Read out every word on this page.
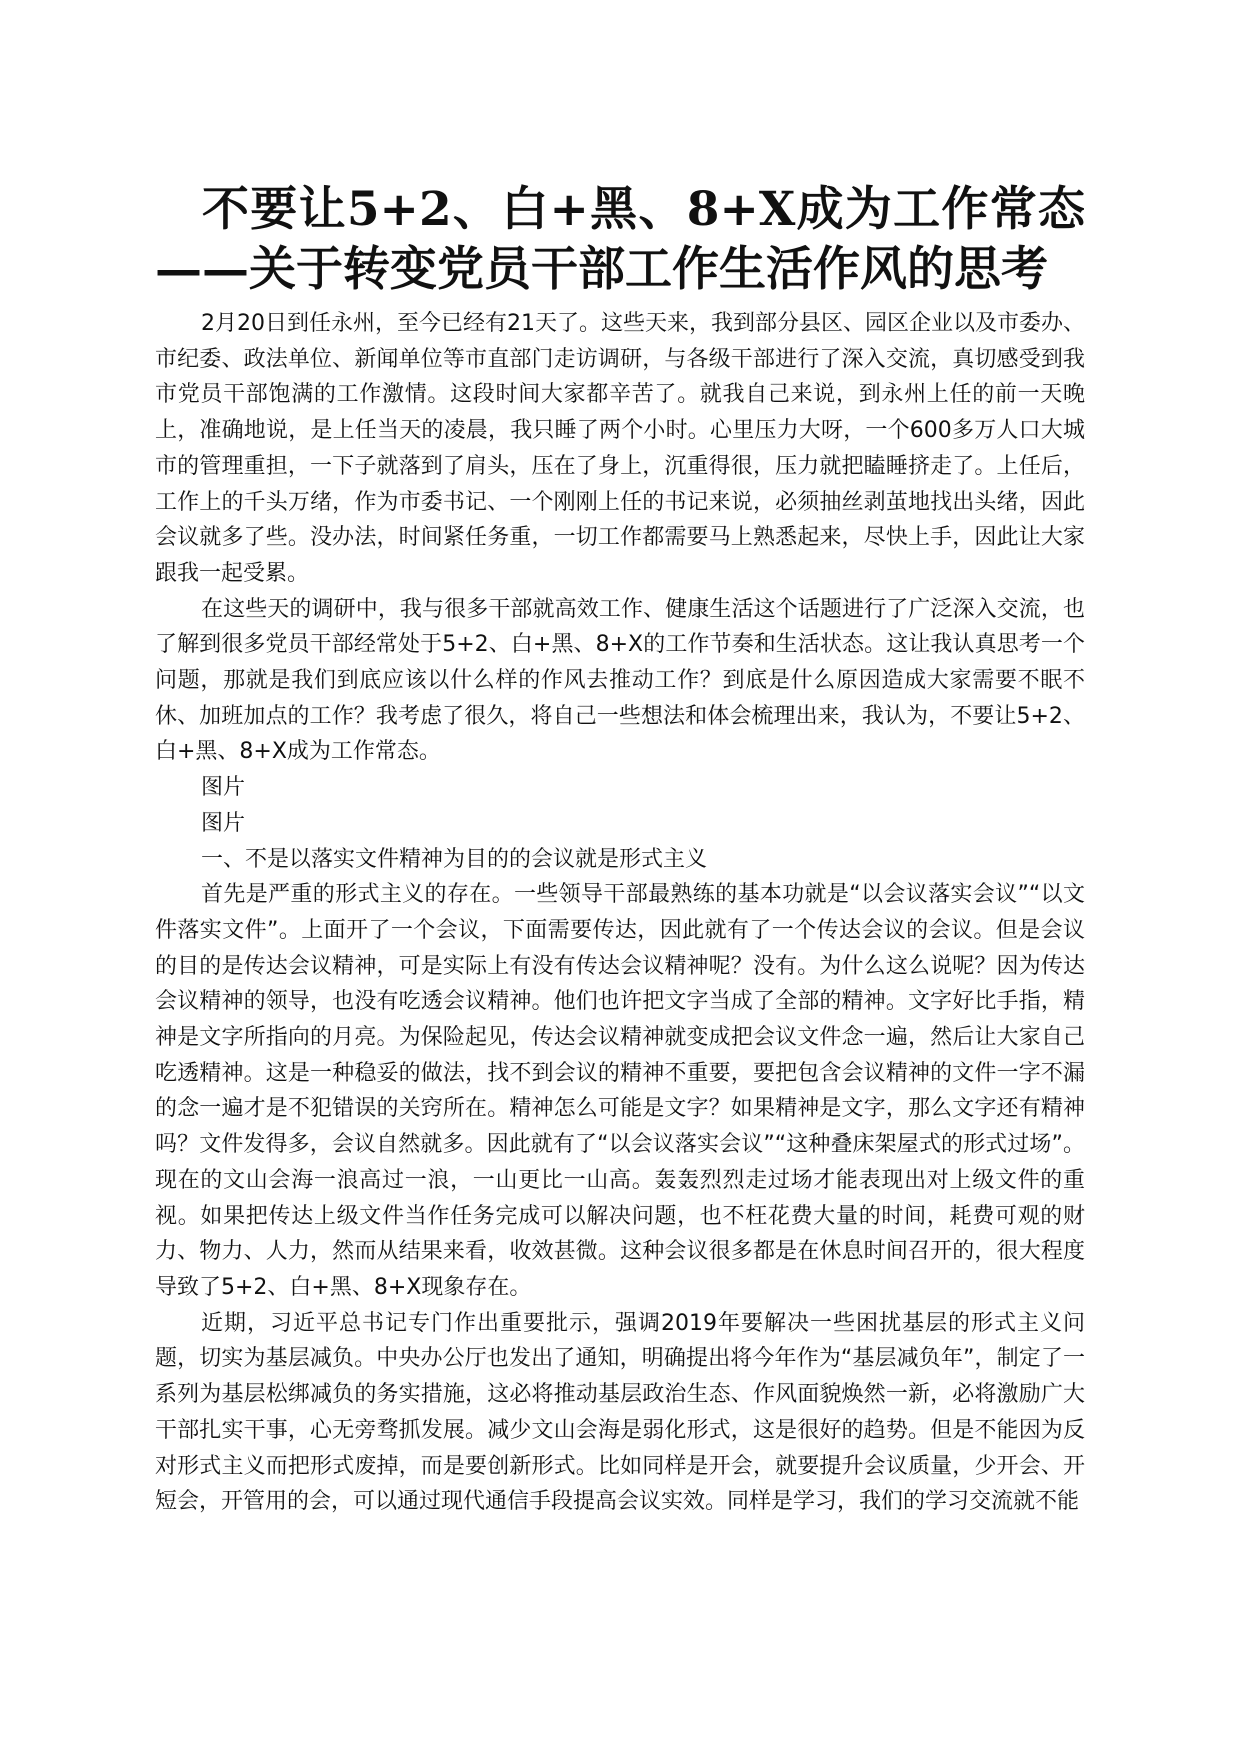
不要让5+2、白+黑、8+X成为工作常态——关于转变党员干部工作生活作风的思考

2月20日到任永州，至今已经有21天了。这些天来，我到部分县区、园区企业以及市委办、市纪委、政法单位、新闻单位等市直部门走访调研，与各级干部进行了深入交流，真切感受到我市党员干部饱满的工作激情。这段时间大家都辛苦了。就我自己来说，到永州上任的前一天晚上，准确地说，是上任当天的凌晨，我只睡了两个小时。心里压力大呀，一个600多万人口大城市的管理重担，一下子就落到了肩头，压在了身上，沉重得很，压力就把瞌睡挤走了。上任后，工作上的千头万绪，作为市委书记、一个刚刚上任的书记来说，必须抽丝剥茧地找出头绪，因此会议就多了些。没办法，时间紧任务重，一切工作都需要马上熟悉起来，尽快上手，因此让大家跟我一起受累。

在这些天的调研中，我与很多干部就高效工作、健康生活这个话题进行了广泛深入交流，也了解到很多党员干部经常处于5+2、白+黑、8+X的工作节奏和生活状态。这让我认真思考一个问题，那就是我们到底应该以什么样的作风去推动工作？到底是什么原因造成大家需要不眠不休、加班加点的工作？我考虑了很久，将自己一些想法和体会梳理出来，我认为，不要让5+2、白+黑、8+X成为工作常态。

图片

图片

一、不是以落实文件精神为目的的会议就是形式主义

首先是严重的形式主义的存在。一些领导干部最熟练的基本功就是“以会议落实会议”“以文件落实文件”。上面开了一个会议，下面需要传达，因此就有了一个传达会议的会议。但是会议的目的是传达会议精神，可是实际上有没有传达会议精神呢？没有。为什么这么说呢？因为传达会议精神的领导，也没有吃透会议精神。他们也许把文字当成了全部的精神。文字好比手指，精神是文字所指向的月亮。为保险起见，传达会议精神就变成把会议文件念一遍，然后让大家自己吃透精神。这是一种稳妥的做法，找不到会议的精神不重要，要把包含会议精神的文件一字不漏的念一遍才是不犯错误的关窍所在。精神怎么可能是文字？如果精神是文字，那么文字还有精神吗？文件发得多，会议自然就多。因此就有了“以会议落实会议”“这种叠床架屋式的形式过场”。现在的文山会海一浪高过一浪，一山更比一山高。轰轰烈烈走过场才能表现出对上级文件的重视。如果把传达上级文件当作任务完成可以解决问题，也不枉花费大量的时间，耗费可观的财力、物力、人力，然而从结果来看，收效甚微。这种会议很多都是在休息时间召开的，很大程度导致了5+2、白+黑、8+X现象存在。

近期，习近平总书记专门作出重要批示，强调2019年要解决一些困扰基层的形式主义问题，切实为基层减负。中央办公厅也发出了通知，明确提出将今年作为“基层减负年”，制定了一系列为基层松绑减负的务实措施，这必将推动基层政治生态、作风面貌焕然一新，必将激励广大干部扎实干事，心无旁骛抓发展。减少文山会海是弱化形式，这是很好的趋势。但是不能因为反对形式主义而把形式废掉，而是要创新形式。比如同样是开会，就要提升会议质量，少开会、开短会，开管用的会，可以通过现代通信手段提高会议实效。同样是学习，我们的学习交流就不能
